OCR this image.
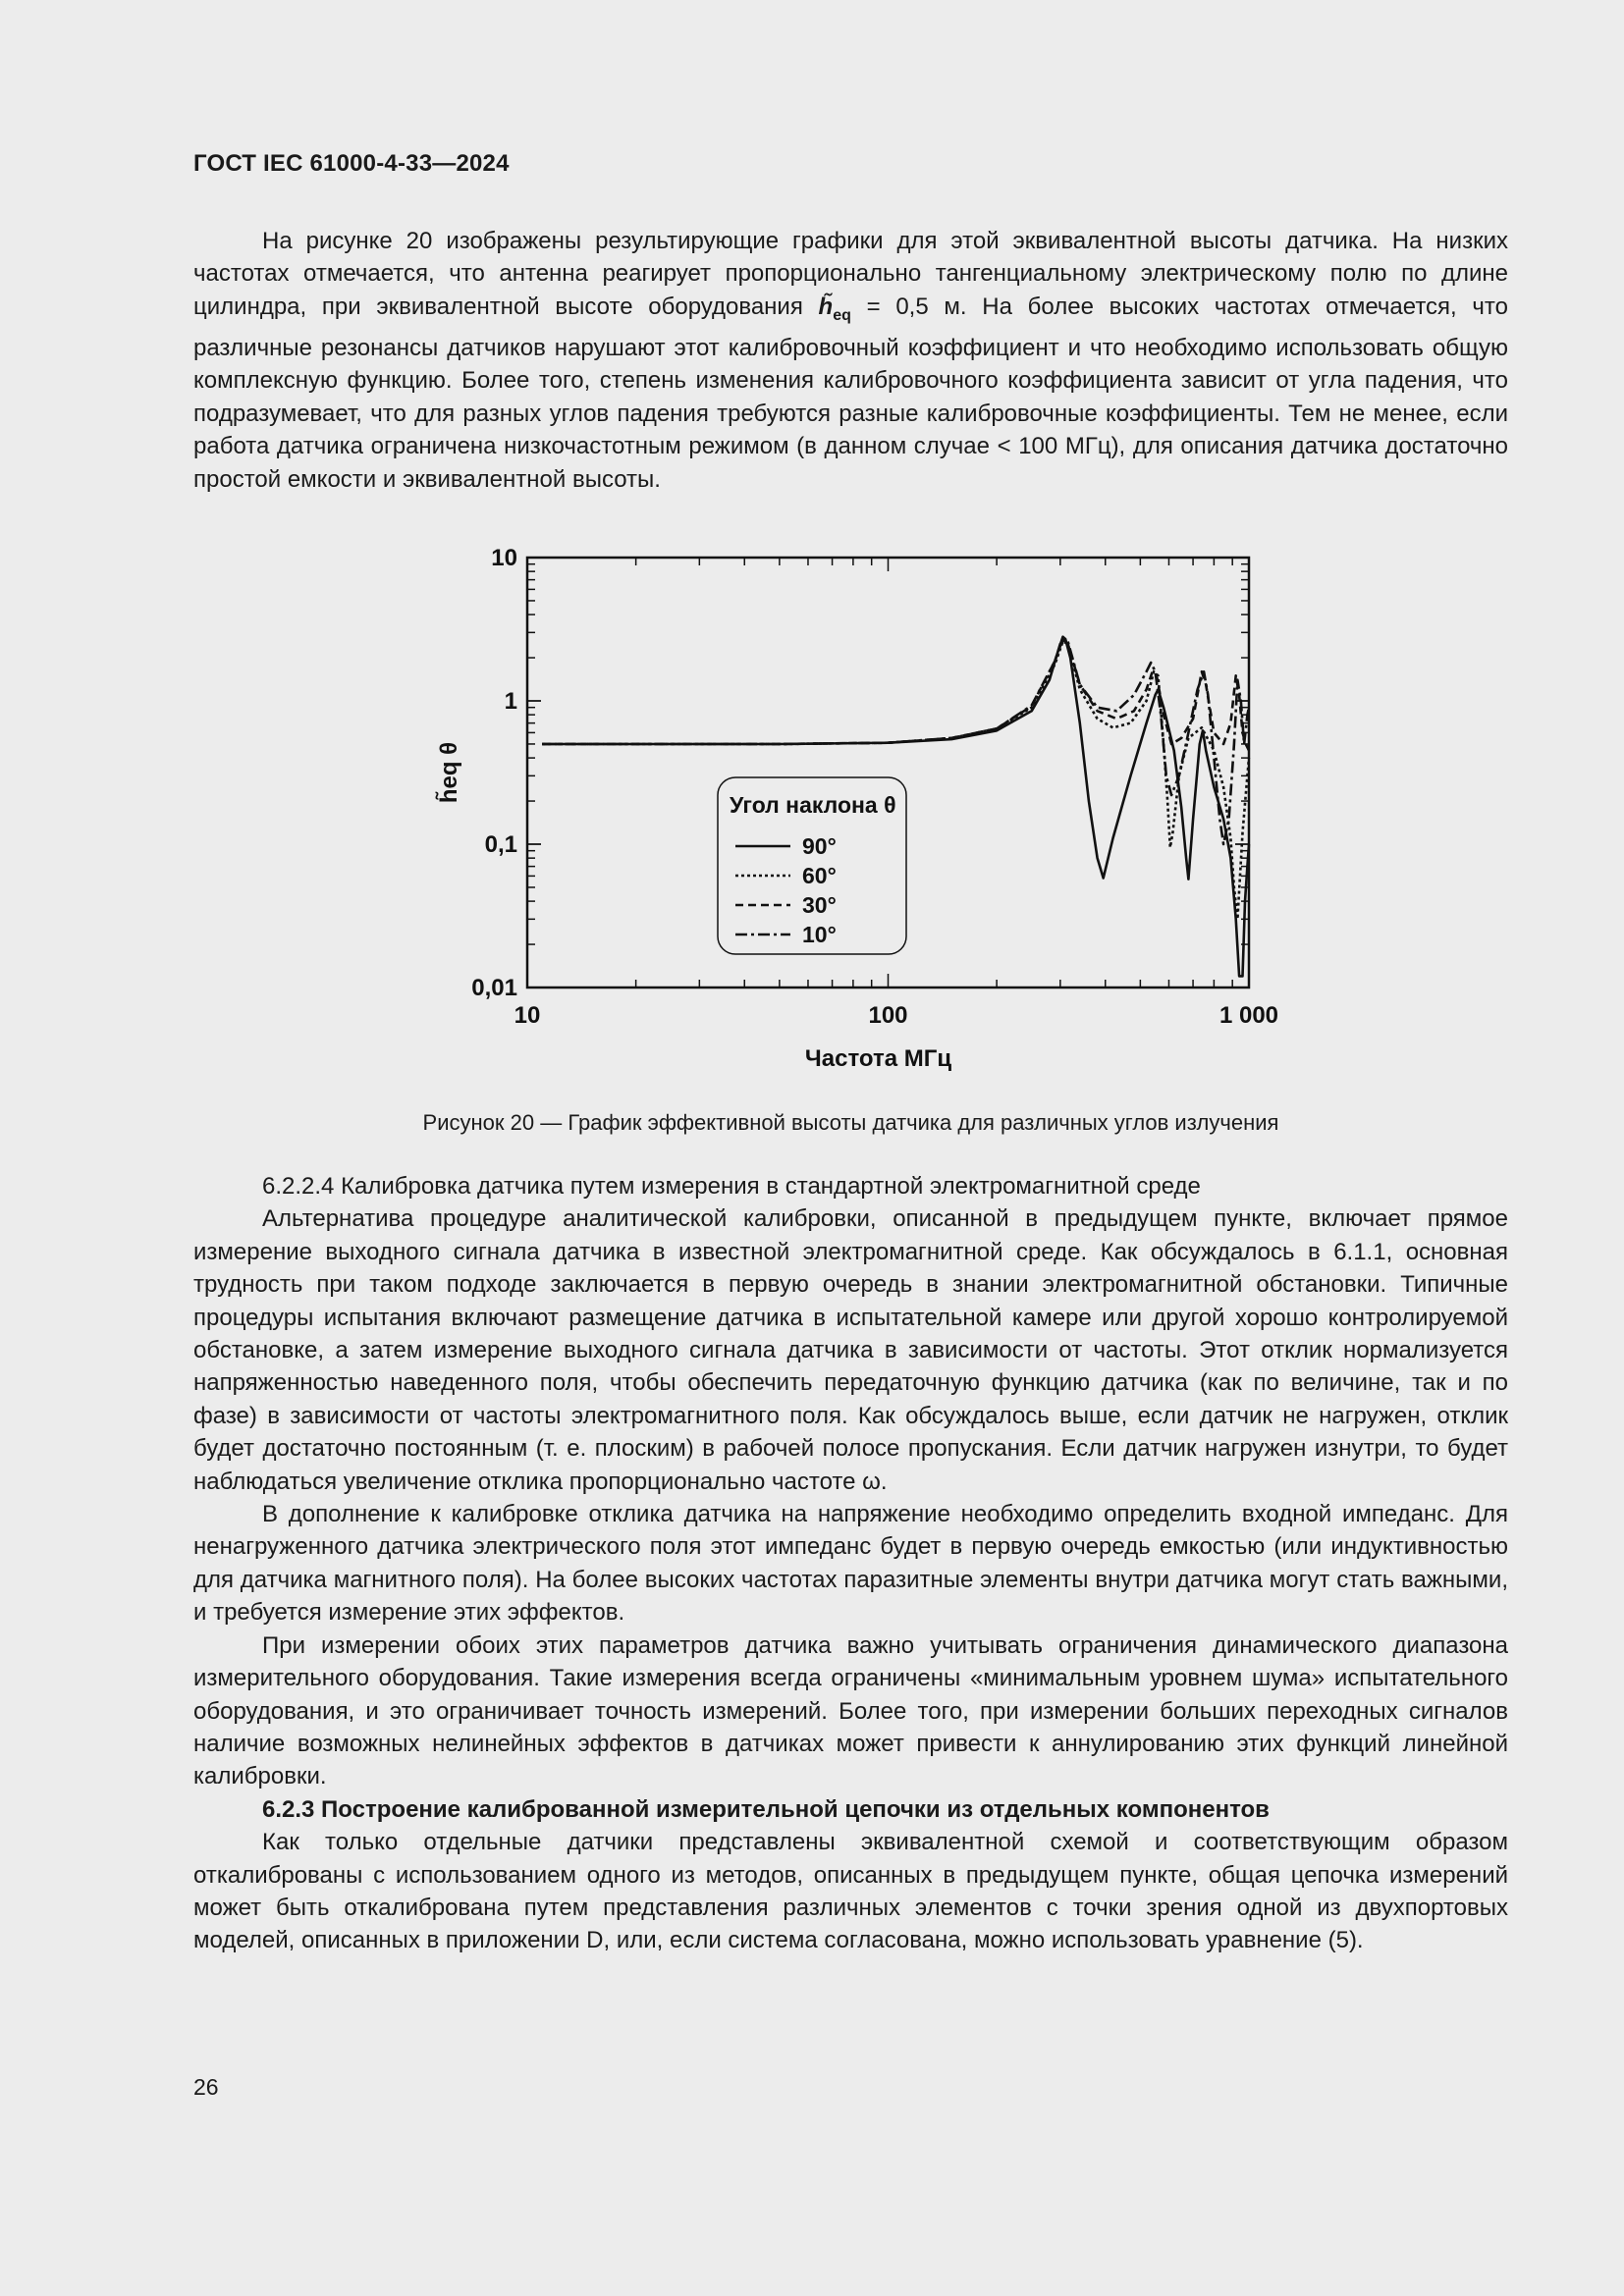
ГОСТ IEC 61000-4-33—2024

На рисунке 20 изображены результирующие графики для этой эквивалентной высоты датчика. На низких частотах отмечается, что антенна реагирует пропорционально тангенциальному электрическому полю по длине цилиндра, при эквивалентной высоте оборудования $h̃_{eq} = 0,5$ м. На более высоких частотах отмечается, что различные резонансы датчиков нарушают этот калибровочный коэффициент и что необходимо использовать общую комплексную функцию. Более того, степень изменения калибровочного коэффициента зависит от угла падения, что подразумевает, что для разных углов падения требуются разные калибровочные коэффициенты. Тем не менее, если работа датчика ограничена низкочастотным режимом (в данном случае < 100 МГц), для описания датчика достаточно простой емкости и эквивалентной высоты.

10	100	1 000
10
1
0,1
0,01
Частота МГц
h̃eq θ
Угол наклона θ
90°
60°
30°
10°
Рисунок 20 — График эффективной высоты датчика для различных углов излучения

6.2.2.4 Калибровка датчика путем измерения в стандартной электромагнитной среде

Альтернатива процедуре аналитической калибровки, описанной в предыдущем пункте, включает прямое измерение выходного сигнала датчика в известной электромагнитной среде. Как обсуждалось в 6.1.1, основная трудность при таком подходе заключается в первую очередь в знании электромагнитной обстановки. Типичные процедуры испытания включают размещение датчика в испытательной камере или другой хорошо контролируемой обстановке, а затем измерение выходного сигнала датчика в зависимости от частоты. Этот отклик нормализуется напряженностью наведенного поля, чтобы обеспечить передаточную функцию датчика (как по величине, так и по фазе) в зависимости от частоты электромагнитного поля. Как обсуждалось выше, если датчик не нагружен, отклик будет достаточно постоянным (т. е. плоским) в рабочей полосе пропускания. Если датчик нагружен изнутри, то будет наблюдаться увеличение отклика пропорционально частоте ω.

В дополнение к калибровке отклика датчика на напряжение необходимо определить входной импеданс. Для ненагруженного датчика электрического поля этот импеданс будет в первую очередь емкостью (или индуктивностью для датчика магнитного поля). На более высоких частотах паразитные элементы внутри датчика могут стать важными, и требуется измерение этих эффектов.

При измерении обоих этих параметров датчика важно учитывать ограничения динамического диапазона измерительного оборудования. Такие измерения всегда ограничены «минимальным уровнем шума» испытательного оборудования, и это ограничивает точность измерений. Более того, при измерении больших переходных сигналов наличие возможных нелинейных эффектов в датчиках может привести к аннулированию этих функций линейной калибровки.

6.2.3 Построение калиброванной измерительной цепочки из отдельных компонентов

Как только отдельные датчики представлены эквивалентной схемой и соответствующим образом откалиброваны с использованием одного из методов, описанных в предыдущем пункте, общая цепочка измерений может быть откалибрована путем представления различных элементов с точки зрения одной из двухпортовых моделей, описанных в приложении D, или, если система согласована, можно использовать уравнение (5).

26
